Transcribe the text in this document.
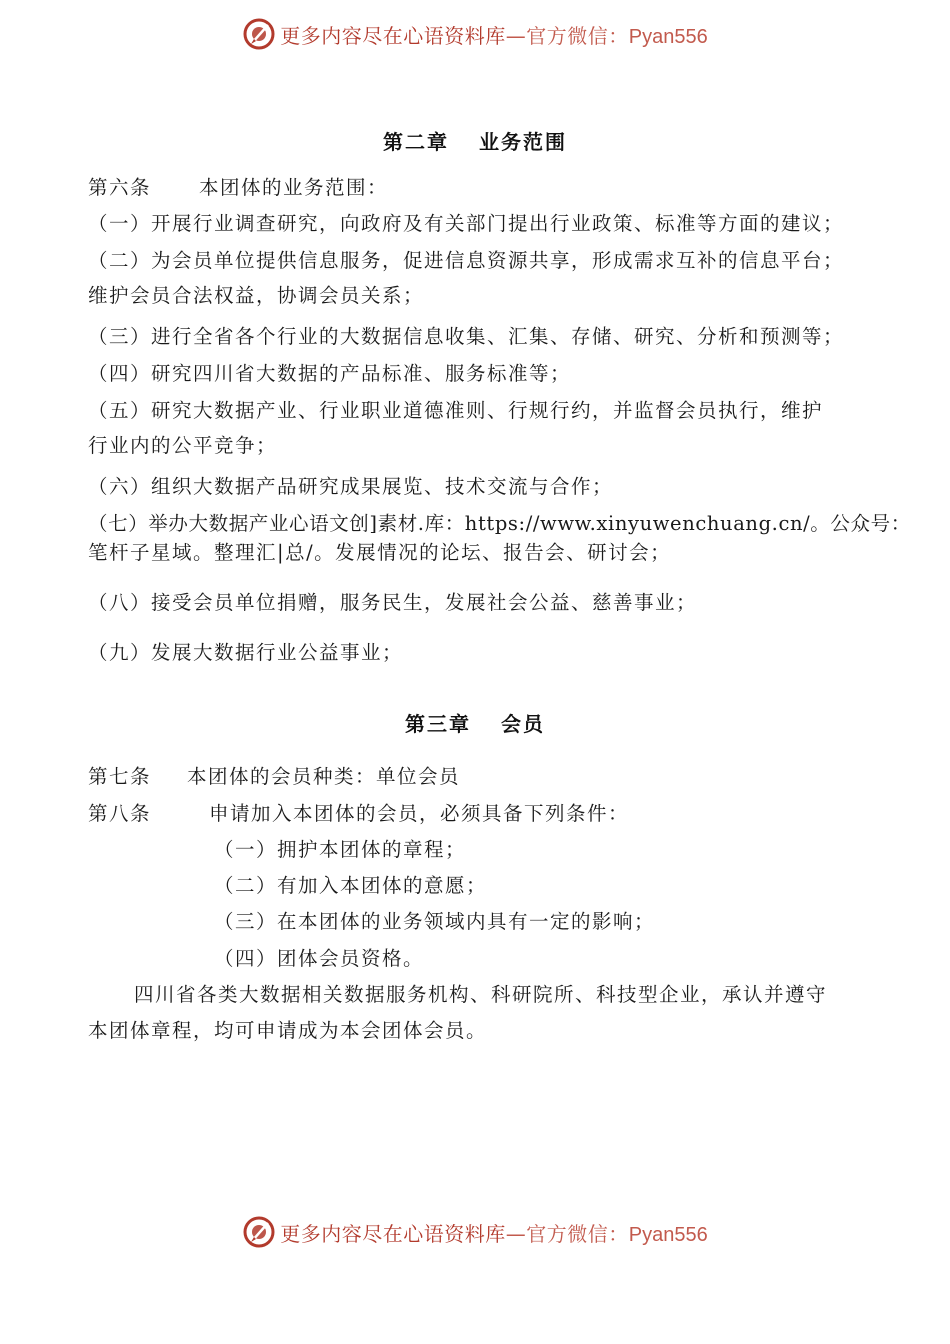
更多内容尽在心语资料库—官方微信：Pyan556
第二章 业务范围
第六条 本团体的业务范围：
（一）开展行业调查研究，向政府及有关部门提出行业政策、标准等方面的建议；
（二）为会员单位提供信息服务，促进信息资源共享，形成需求互补的信息平台；
维护会员合法权益，协调会员关系；
（三）进行全省各个行业的大数据信息收集、汇集、存储、研究、分析和预测等；
（四）研究四川省大数据的产品标准、服务标准等；
（五）研究大数据产业、行业职业道德准则、行规行约，并监督会员执行，维护
行业内的公平竞争；
（六）组织大数据产品研究成果展览、技术交流与合作；
（七）举办大数据产业心语文创]素材.库：https://www.xinyuwenchuang.cn/。公众号：
笔杆子星域。整理汇|总/。发展情况的论坛、报告会、研讨会；
（八）接受会员单位捐赠，服务民生，发展社会公益、慈善事业；
（九）发展大数据行业公益事业；
第三章 会员
第七条 本团体的会员种类：单位会员
第八条	申请加入本团体的会员，必须具备下列条件：
（一）拥护本团体的章程；
（二）有加入本团体的意愿；
（三）在本团体的业务领域内具有一定的影响；
（四）团体会员资格。
四川省各类大数据相关数据服务机构、科研院所、科技型企业，承认并遵守
本团体章程，均可申请成为本会团体会员。
更多内容尽在心语资料库—官方微信：Pyan556
